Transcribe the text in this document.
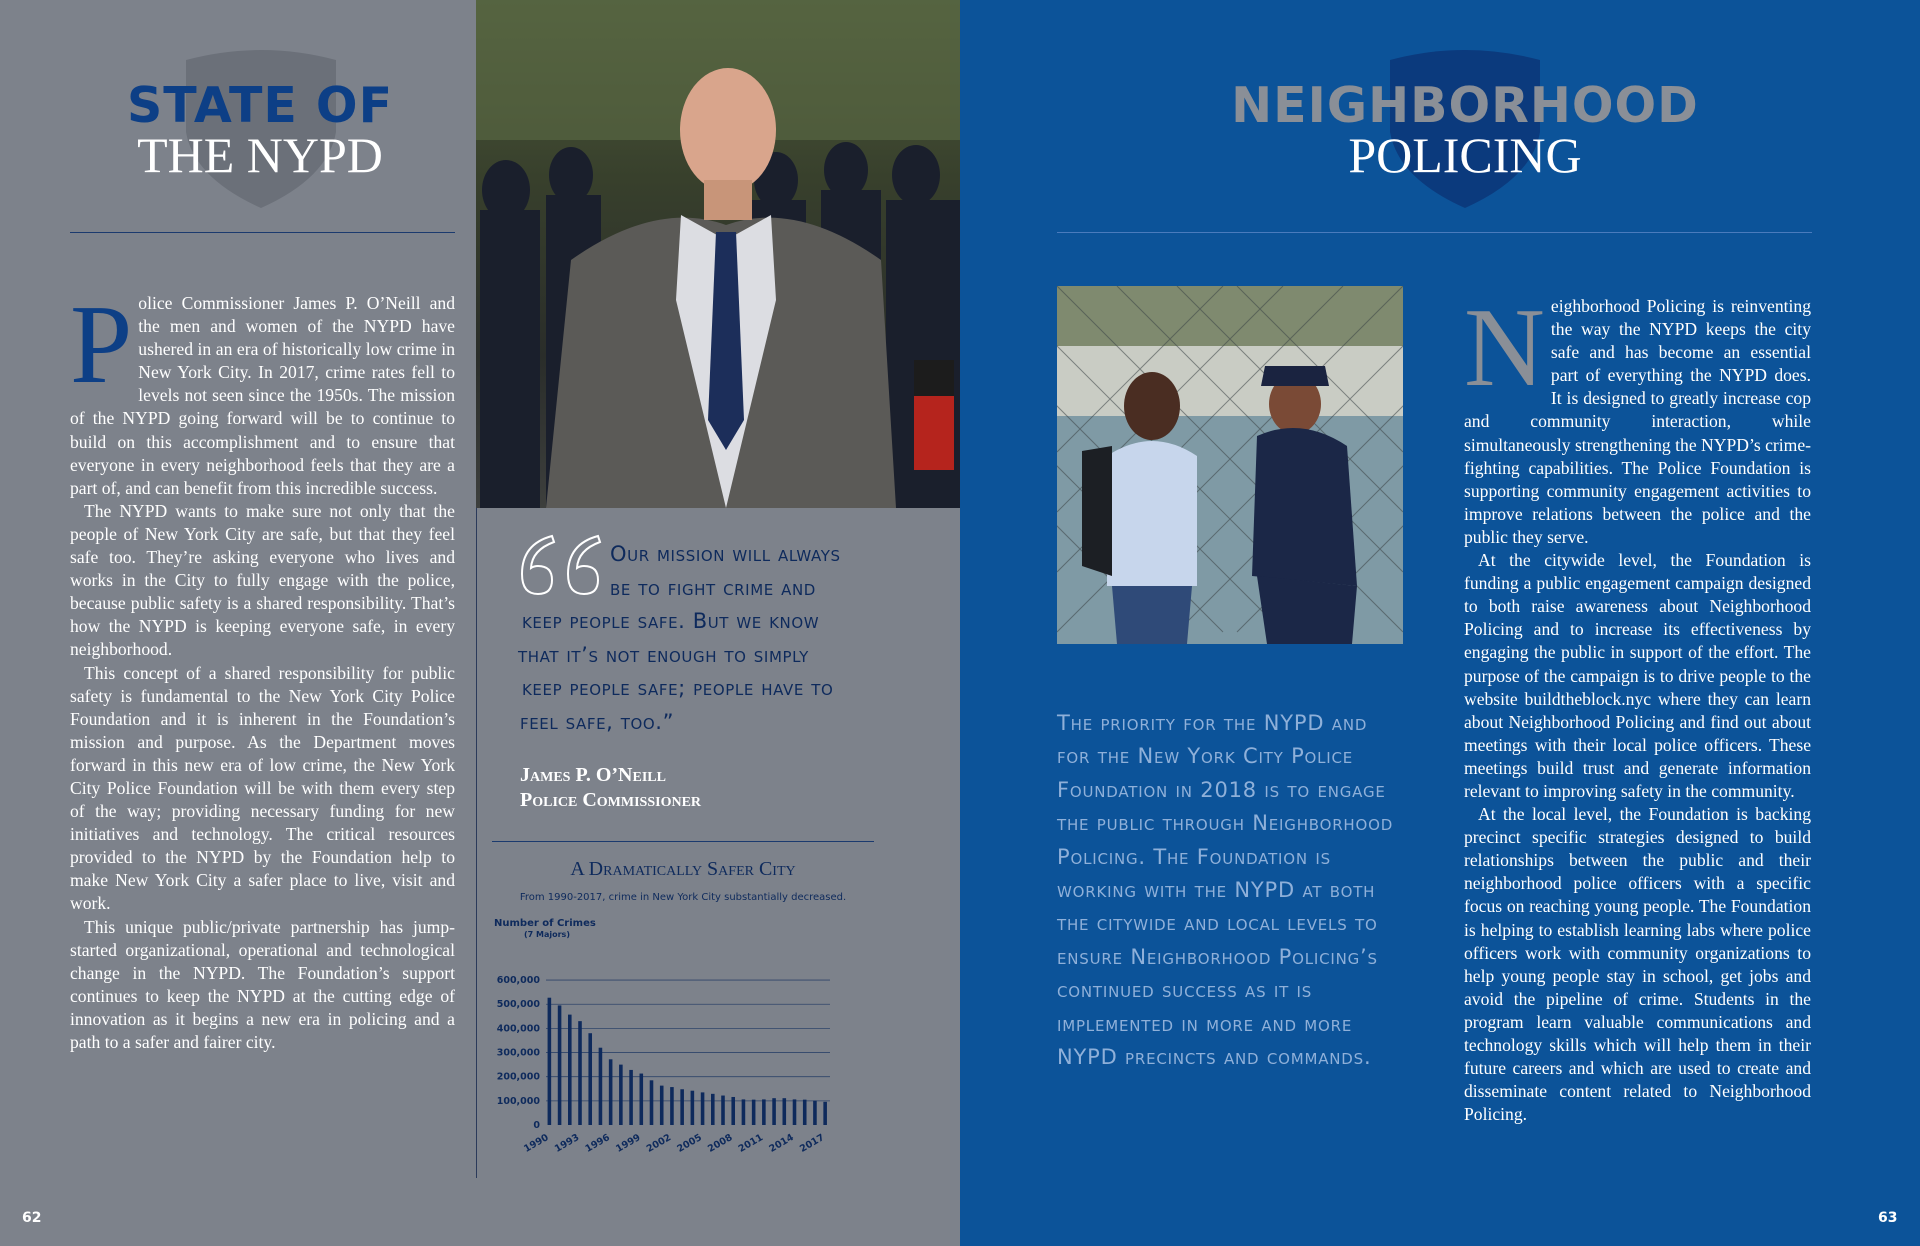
STATE OF
THE NYPD

Police Commissioner James P. O’Neill and the men and women of the NYPD have ushered in an era of historically low crime in New York City. In 2017, crime rates fell to levels not seen since the 1950s. The mission of the NYPD going forward will be to continue to build on this accomplishment and to ensure that everyone in every neighborhood feels that they are a part of, and can benefit from this incredible success.

The NYPD wants to make sure not only that the people of New York City are safe, but that they feel safe too. They’re asking everyone who lives and works in the City to fully engage with the police, because public safety is a shared responsibility. That’s how the NYPD is keeping everyone safe, in every neighborhood.

This concept of a shared responsibility for public safety is fundamental to the New York City Police Foundation and it is inherent in the Foundation’s mission and purpose. As the Department moves forward in this new era of low crime, the New York City Police Foundation will be with them every step of the way; providing necessary funding for new initiatives and technology. The critical resources provided to the NYPD by the Foundation help to make New York City a safer place to live, visit and work.

This unique public/private partnership has jump-started organizational, operational and technological change in the NYPD. The Foundation’s support continues to keep the NYPD at the cutting edge of innovation as it begins a new era in policing and a path to a safer and fairer city.

Our mission will always
be to fight crime and
keep people safe. But we know
that it’s not enough to simply
keep people safe; people have to
feel safe, too.”
James P. O’Neill
Police Commissioner
A Dramatically Safer City
From 1990-2017, crime in New York City substantially decreased.
Number of Crimes
(7 Majors)
0
100,000
200,000
300,000
400,000
500,000
600,000
1990 1993 1996 1999 2002 2005 2008 2011 2014 2017
62
NEIGHBORHOOD
POLICING
The priority for the NYPD and
for the New York City Police
Foundation in 2018 is to engage
the public through Neighborhood
Policing. The Foundation is
working with the NYPD at both
the citywide and local levels to
ensure Neighborhood Policing’s
continued success as it is
implemented in more and more
NYPD precincts and commands.

Neighborhood Policing is reinventing the way the NYPD keeps the city safe and has become an essential part of everything the NYPD does. It is designed to greatly increase cop and community interaction, while simultaneously strengthening the NYPD’s crime-fighting capabilities. The Police Foundation is supporting community engagement activities to improve relations between the police and the public they serve.

At the citywide level, the Foundation is funding a public engagement campaign designed to both raise awareness about Neighborhood Policing and to increase its effectiveness by engaging the public in support of the effort. The purpose of the campaign is to drive people to the website buildtheblock.nyc where they can learn about Neighborhood Policing and find out about meetings with their local police officers. These meetings build trust and generate information relevant to improving safety in the community.

At the local level, the Foundation is backing precinct specific strategies designed to build relationships between the public and their neighborhood police officers with a specific focus on reaching young people. The Foundation is helping to establish learning labs where police officers work with community organizations to help young people stay in school, get jobs and avoid the pipeline of crime. Students in the program learn valuable communications and technology skills which will help them in their future careers and which are used to create and disseminate content related to Neighborhood Policing.

63
